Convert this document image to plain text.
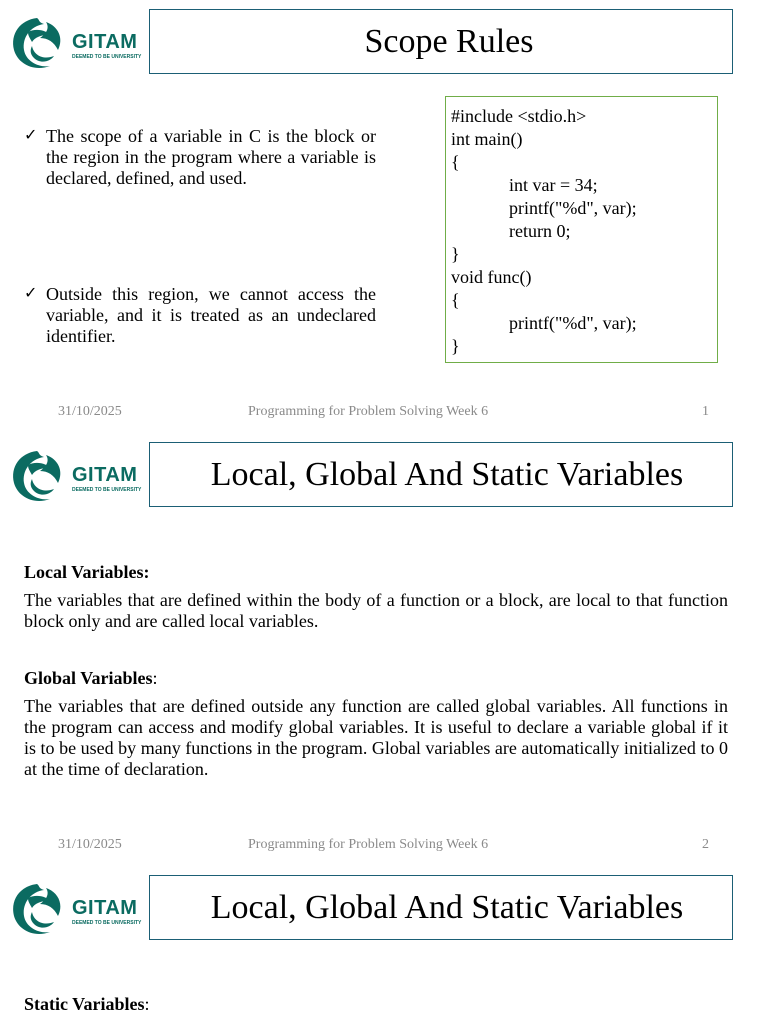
GITAM
DEEMED TO BE UNIVERSITY	Scope Rules
✓ The scope of a variable in C is the block or the region in the program where a variable is declared, defined, and used.
✓ Outside this region, we cannot access the variable, and it is treated as an undeclared identifier.
#include <stdio.h>
int main()
{
int var = 34;
printf("%d", var);
return 0;
}
void func()
{
printf("%d", var);
}
31/10/2025	Programming for Problem Solving Week 6	1
GITAM
DEEMED TO BE UNIVERSITY	Local, Global And Static Variables
Local Variables:
The variables that are defined within the body of a function or a block, are local to that function block only and are called local variables.
Global Variables:
The variables that are defined outside any function are called global variables. All functions in the program can access and modify global variables. It is useful to declare a variable global if it is to be used by many functions in the program. Global variables are automatically initialized to 0 at the time of declaration.
31/10/2025	Programming for Problem Solving Week 6	2
GITAM
DEEMED TO BE UNIVERSITY	Local, Global And Static Variables
Static Variables:
